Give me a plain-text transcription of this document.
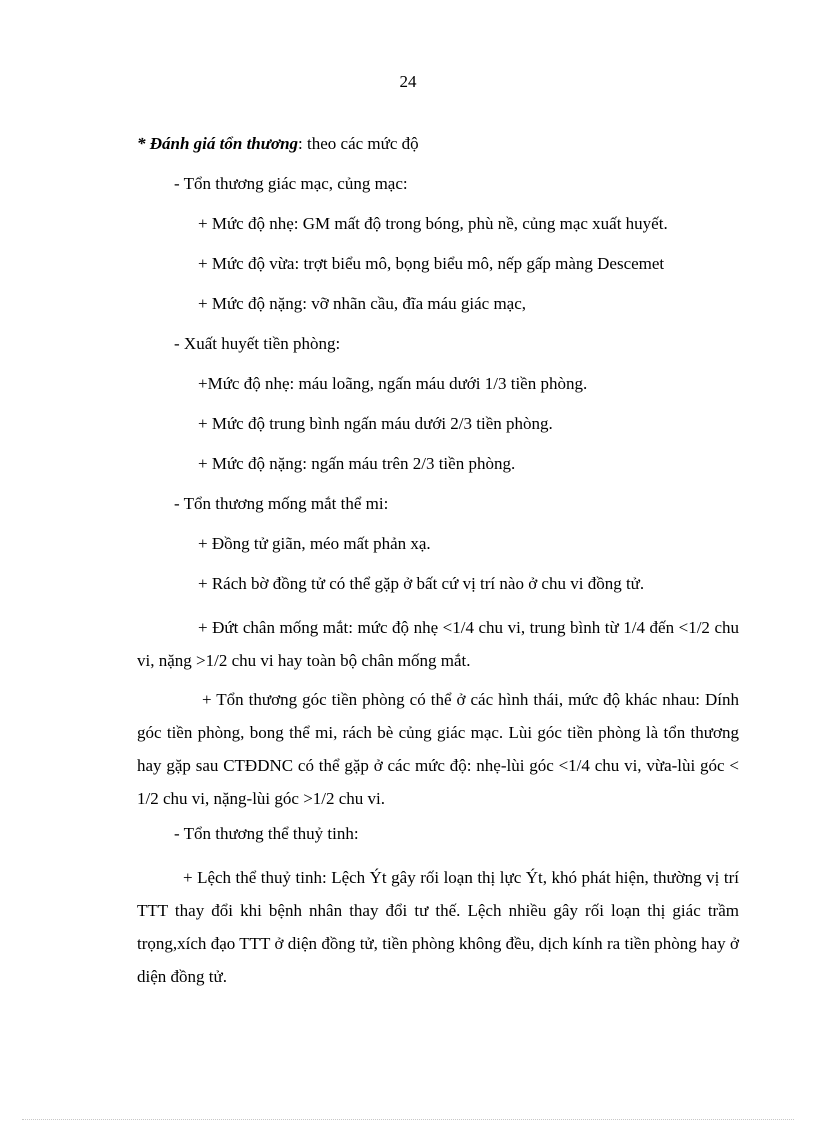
24
* Đánh giá tổn thương: theo các mức độ
- Tổn thương giác mạc, củng mạc:
+ Mức độ nhẹ: GM mất độ trong bóng, phù nề, củng mạc xuất huyết.
+ Mức độ vừa: trợt biểu mô, bọng biểu mô, nếp gấp màng Descemet
+ Mức độ nặng: vỡ nhãn cầu, đĩa máu giác mạc,
- Xuất huyết tiền phòng:
+Mức độ nhẹ: máu loãng, ngấn máu dưới 1/3 tiền phòng.
+ Mức độ trung bình ngấn máu dưới 2/3 tiền phòng.
+ Mức độ nặng: ngấn máu trên 2/3 tiền phòng.
- Tổn thương mống mắt thể mi:
+ Đồng tử giãn, méo mất phản xạ.
+ Rách bờ đồng tử có thể gặp ở bất cứ vị trí nào ở chu vi đồng tử.
+ Đứt chân mống mắt: mức độ nhẹ <1/4 chu vi, trung bình từ 1/4 đến <1/2 chu vi, nặng >1/2 chu vi hay toàn bộ chân mống mắt.
+ Tổn thương góc tiền phòng có thể ở các hình thái, mức độ khác nhau: Dính góc tiền phòng, bong thể mi, rách bè củng giác mạc. Lùi góc tiền phòng là tổn thương hay gặp sau CTĐDNC có thể gặp ở các mức độ: nhẹ-lùi góc <1/4 chu vi, vừa-lùi góc < 1/2 chu vi, nặng-lùi góc >1/2 chu vi.
- Tổn thương thể thuỷ tinh:
+ Lệch thể thuỷ tinh: Lệch Ýt gây rối loạn thị lực Ýt, khó phát hiện, thường vị trí TTT thay đổi khi bệnh nhân thay đổi tư thế. Lệch nhiều gây rối loạn thị giác trầm trọng,xích đạo TTT ở diện đồng tử, tiền phòng không đều, dịch kính ra tiền phòng hay ở diện đồng tử.
